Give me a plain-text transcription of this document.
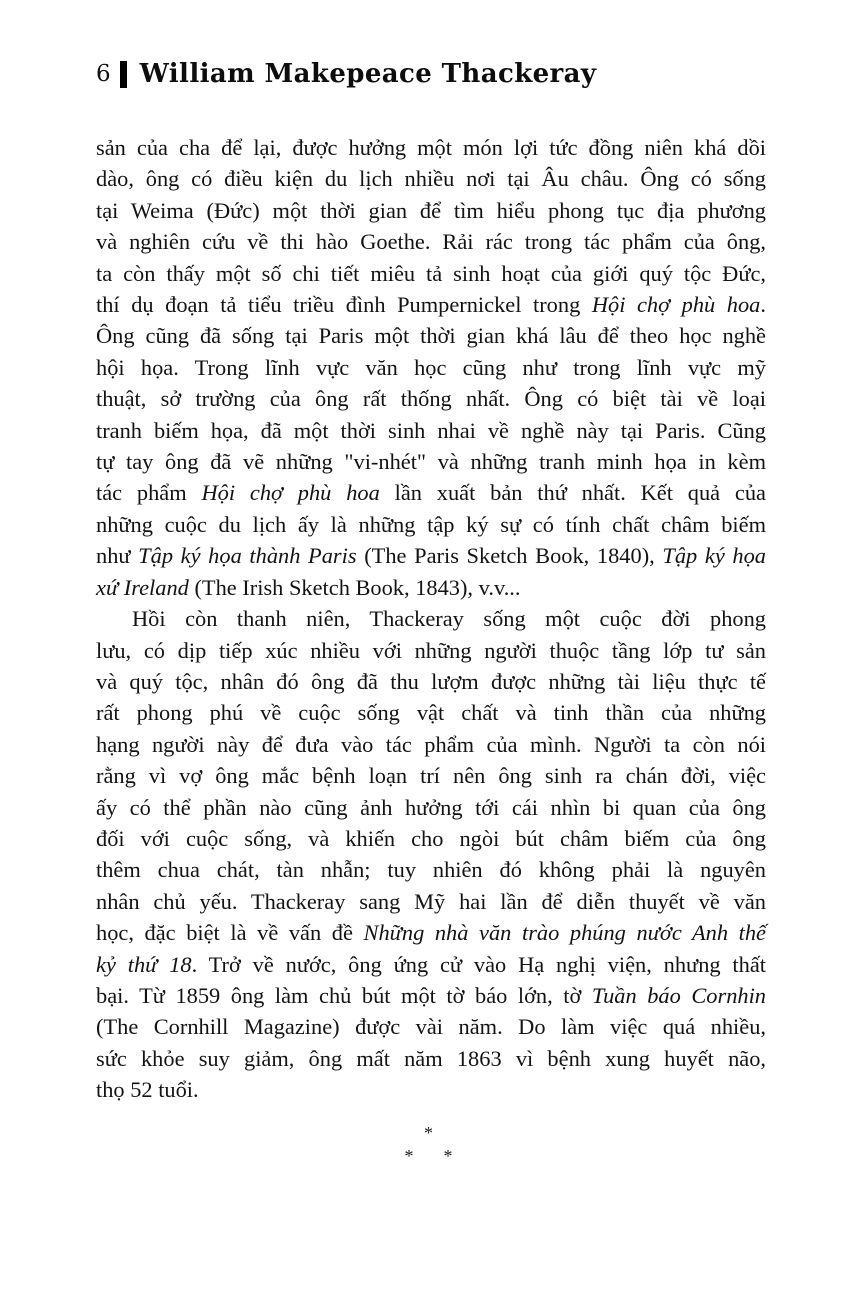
6 William Makepeace Thackeray
sản của cha để lại, được hưởng một món lợi tức đồng niên khá dồi
dào, ông có điều kiện du lịch nhiều nơi tại Âu châu. Ông có sống
tại Weima (Đức) một thời gian để tìm hiểu phong tục địa phương
và nghiên cứu về thi hào Goethe. Rải rác trong tác phẩm của ông,
ta còn thấy một số chi tiết miêu tả sinh hoạt của giới quý tộc Đức,
thí dụ đoạn tả tiểu triều đình Pumpernickel trong Hội chợ phù hoa.
Ông cũng đã sống tại Paris một thời gian khá lâu để theo học nghề
hội họa. Trong lĩnh vực văn học cũng như trong lĩnh vực mỹ
thuật, sở trường của ông rất thống nhất. Ông có biệt tài về loại
tranh biếm họa, đã một thời sinh nhai về nghề này tại Paris. Cũng
tự tay ông đã vẽ những "vi-nhét" và những tranh minh họa in kèm
tác phẩm Hội chợ phù hoa lần xuất bản thứ nhất. Kết quả của
những cuộc du lịch ấy là những tập ký sự có tính chất châm biếm
như Tập ký họa thành Paris (The Paris Sketch Book, 1840), Tập ký họa
xứ Ireland (The Irish Sketch Book, 1843), v.v...
Hồi còn thanh niên, Thackeray sống một cuộc đời phong
lưu, có dịp tiếp xúc nhiều với những người thuộc tầng lớp tư sản
và quý tộc, nhân đó ông đã thu lượm được những tài liệu thực tế
rất phong phú về cuộc sống vật chất và tinh thần của những
hạng người này để đưa vào tác phẩm của mình. Người ta còn nói
rằng vì vợ ông mắc bệnh loạn trí nên ông sinh ra chán đời, việc
ấy có thể phần nào cũng ảnh hưởng tới cái nhìn bi quan của ông
đối với cuộc sống, và khiến cho ngòi bút châm biếm của ông
thêm chua chát, tàn nhẫn; tuy nhiên đó không phải là nguyên
nhân chủ yếu. Thackeray sang Mỹ hai lần để diễn thuyết về văn
học, đặc biệt là về vấn đề Những nhà văn trào phúng nước Anh thế
kỷ thứ 18. Trở về nước, ông ứng cử vào Hạ nghị viện, nhưng thất
bại. Từ 1859 ông làm chủ bút một tờ báo lớn, tờ Tuần báo Cornhin
(The Cornhill Magazine) được vài năm. Do làm việc quá nhiều,
sức khỏe suy giảm, ông mất năm 1863 vì bệnh xung huyết não,
thọ 52 tuổi.
*
* *
